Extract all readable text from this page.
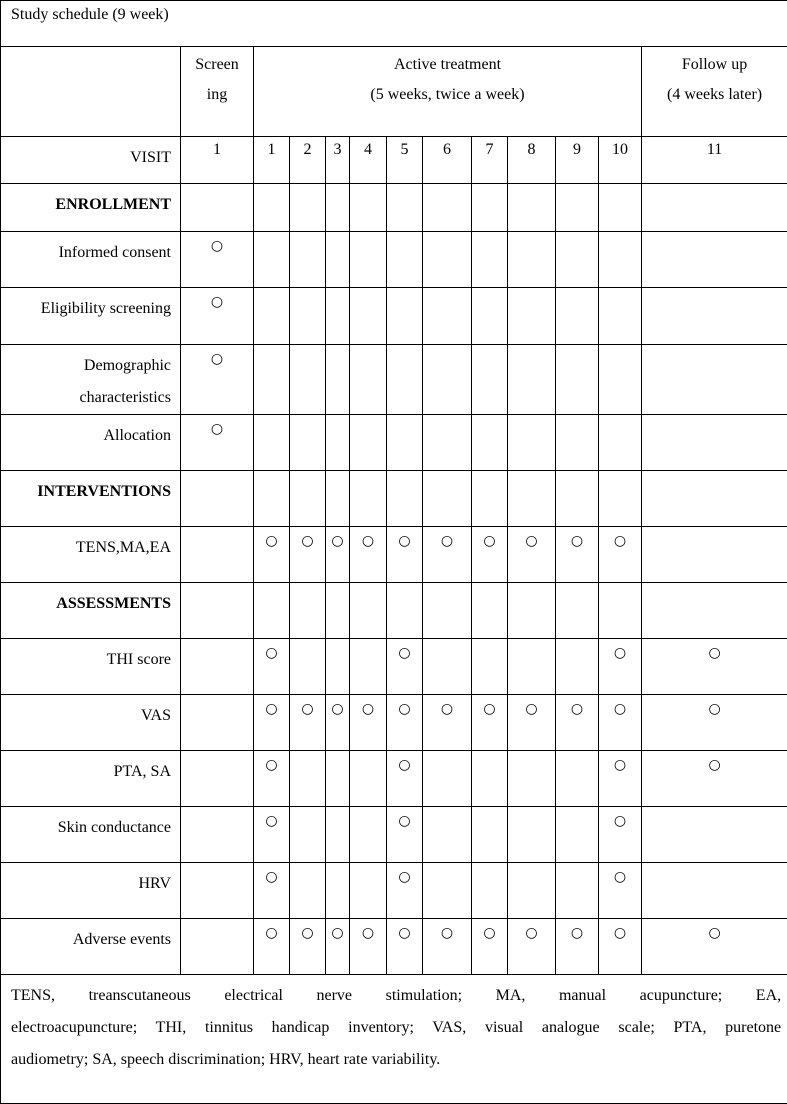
Study schedule (9 week)												
	Screen
ing	Active treatment
(5 weeks, twice a week)										Follow up
(4 weeks later)
VISIT	1	1	2	3	4	5	6	7	8	9	10	11
ENROLLMENT												
Informed consent	○											
Eligibility screening	○											
Demographic characteristics	○											
Allocation	○											
INTERVENTIONS												
TENS,MA,EA		○	○	○	○	○	○	○	○	○	○	
ASSESSMENTS												
THI score		○				○					○	○
VAS		○	○	○	○	○	○	○	○	○	○	○
PTA, SA		○				○					○	○
Skin conductance		○				○					○	
HRV		○				○					○	
Adverse events		○	○	○	○	○	○	○	○	○	○	○

TENS, treanscutaneous electrical nerve stimulation; MA, manual acupuncture; EA,
electroacupuncture; THI, tinnitus handicap inventory; VAS, visual analogue scale; PTA, puretone
audiometry; SA, speech discrimination; HRV, heart rate variability.												
